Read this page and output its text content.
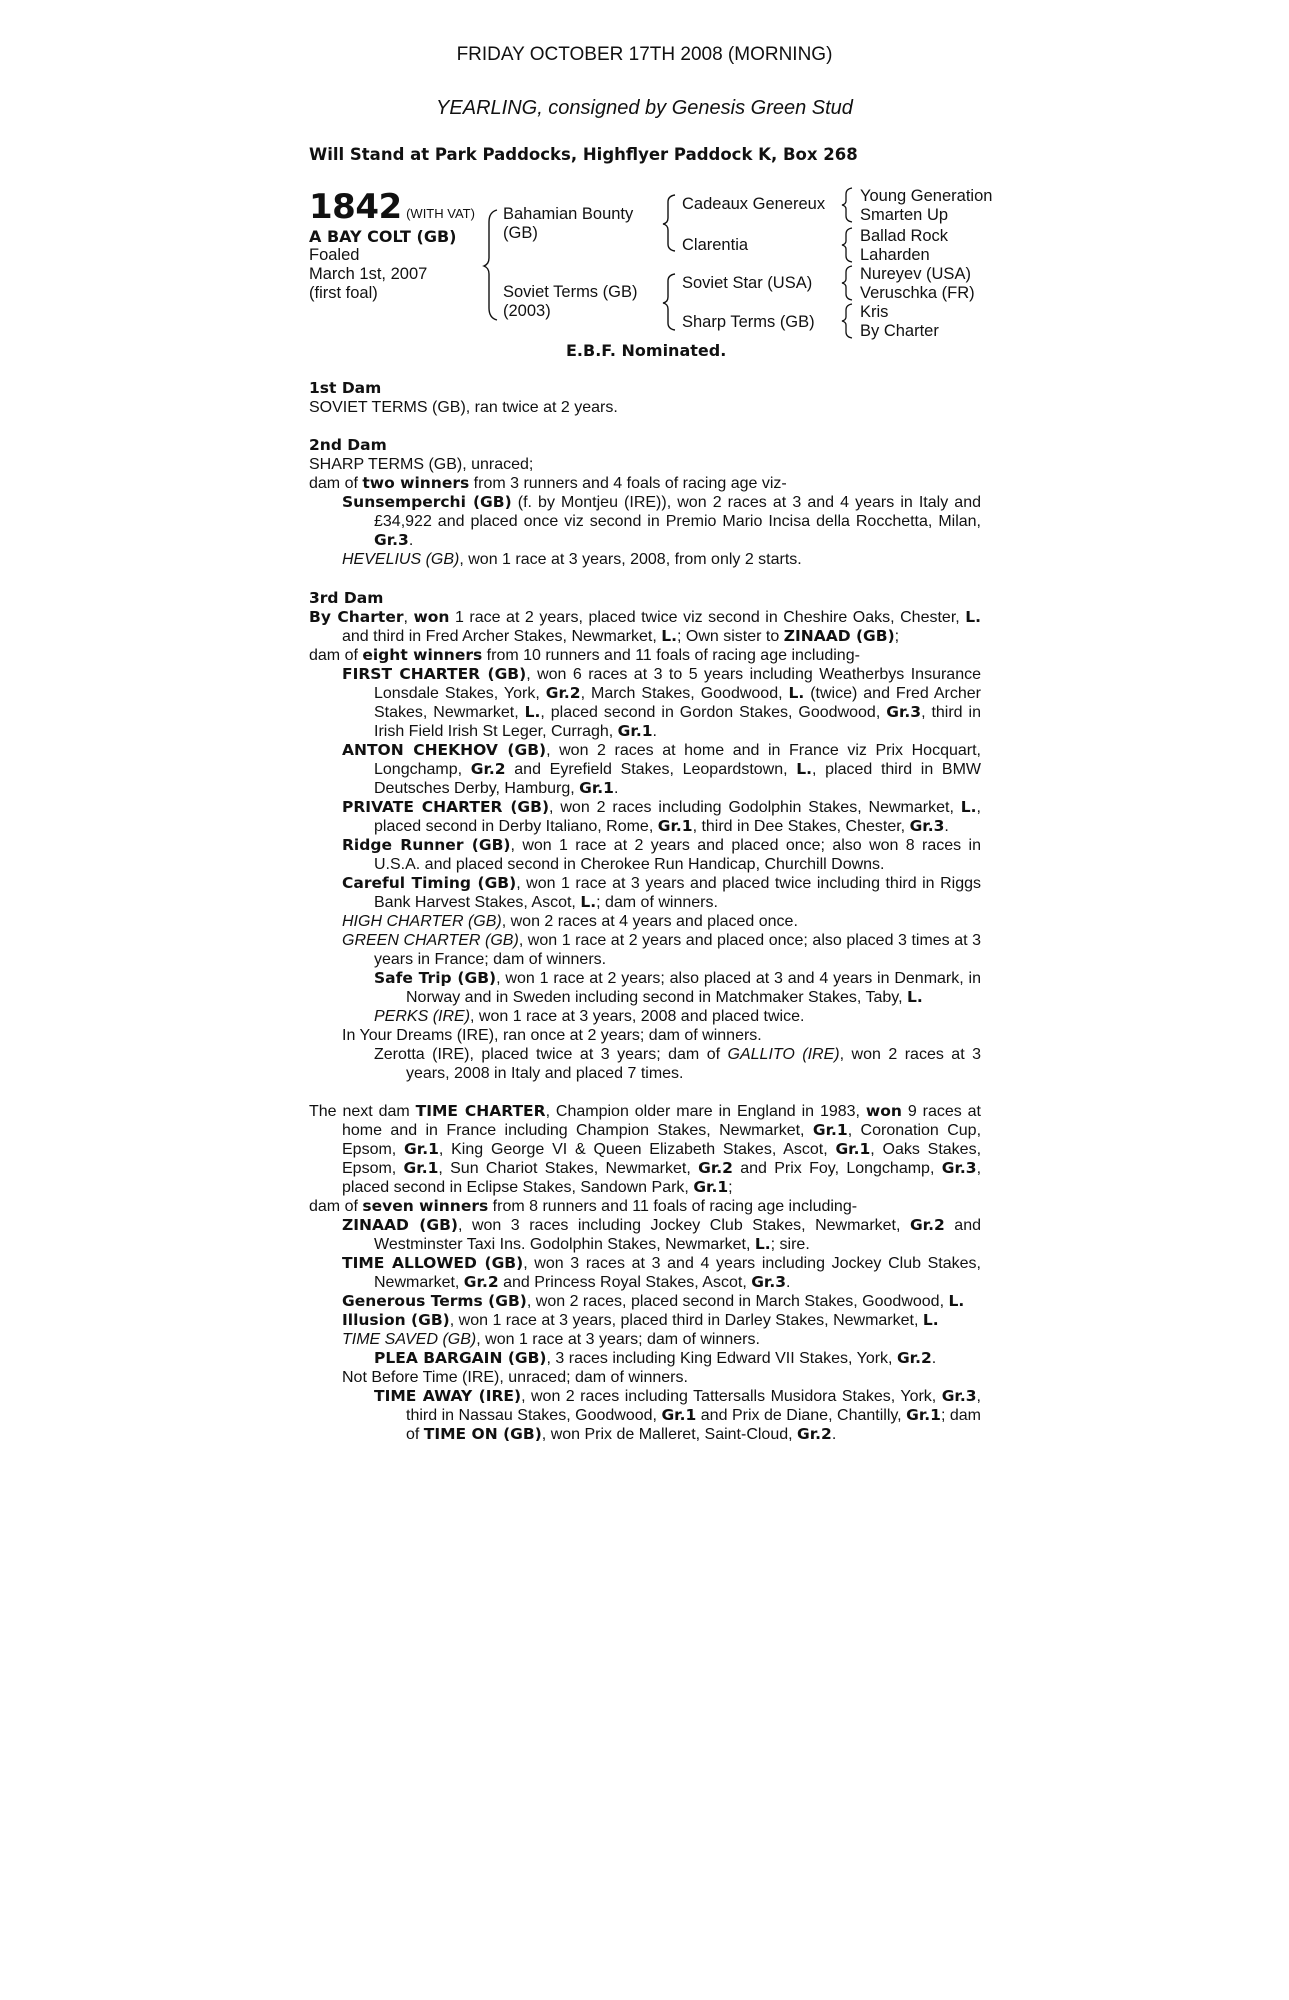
FRIDAY OCTOBER 17TH 2008 (MORNING)
YEARLING, consigned by Genesis Green Stud
Will Stand at Park Paddocks, Highflyer Paddock K, Box 268
1842 (WITH VAT)
A BAY COLT (GB)
Foaled
March 1st, 2007
(first foal)
Bahamian Bounty
(GB)
Soviet Terms (GB)
(2003)
Cadeaux Genereux
Clarentia
Soviet Star (USA)
Sharp Terms (GB)
Young Generation
Smarten Up
Ballad Rock
Laharden
Nureyev (USA)
Veruschka (FR)
Kris
By Charter
E.B.F. Nominated.

1st Dam

SOVIET TERMS (GB), ran twice at 2 years.

2nd Dam

SHARP TERMS (GB), unraced;

dam of two winners from 3 runners and 4 foals of racing age viz-

Sunsemperchi (GB) (f. by Montjeu (IRE)), won 2 races at 3 and 4 years in Italy and £34,922 and placed once viz second in Premio Mario Incisa della Rocchetta, Milan, Gr.3.

HEVELIUS (GB), won 1 race at 3 years, 2008, from only 2 starts.

3rd Dam

By Charter, won 1 race at 2 years, placed twice viz second in Cheshire Oaks, Chester, L. and third in Fred Archer Stakes, Newmarket, L.; Own sister to ZINAAD (GB);

dam of eight winners from 10 runners and 11 foals of racing age including-

FIRST CHARTER (GB), won 6 races at 3 to 5 years including Weatherbys Insurance Lonsdale Stakes, York, Gr.2, March Stakes, Goodwood, L. (twice) and Fred Archer Stakes, Newmarket, L., placed second in Gordon Stakes, Goodwood, Gr.3, third in Irish Field Irish St Leger, Curragh, Gr.1.

ANTON CHEKHOV (GB), won 2 races at home and in France viz Prix Hocquart, Longchamp, Gr.2 and Eyrefield Stakes, Leopardstown, L., placed third in BMW Deutsches Derby, Hamburg, Gr.1.

PRIVATE CHARTER (GB), won 2 races including Godolphin Stakes, Newmarket, L., placed second in Derby Italiano, Rome, Gr.1, third in Dee Stakes, Chester, Gr.3.

Ridge Runner (GB), won 1 race at 2 years and placed once; also won 8 races in U.S.A. and placed second in Cherokee Run Handicap, Churchill Downs.

Careful Timing (GB), won 1 race at 3 years and placed twice including third in Riggs Bank Harvest Stakes, Ascot, L.; dam of winners.

HIGH CHARTER (GB), won 2 races at 4 years and placed once.

GREEN CHARTER (GB), won 1 race at 2 years and placed once; also placed 3 times at 3 years in France; dam of winners.

Safe Trip (GB), won 1 race at 2 years; also placed at 3 and 4 years in Denmark, in Norway and in Sweden including second in Matchmaker Stakes, Taby, L.

PERKS (IRE), won 1 race at 3 years, 2008 and placed twice.

In Your Dreams (IRE), ran once at 2 years; dam of winners.

Zerotta (IRE), placed twice at 3 years; dam of GALLITO (IRE), won 2 races at 3 years, 2008 in Italy and placed 7 times.

The next dam TIME CHARTER, Champion older mare in England in 1983, won 9 races at home and in France including Champion Stakes, Newmarket, Gr.1, Coronation Cup, Epsom, Gr.1, King George VI & Queen Elizabeth Stakes, Ascot, Gr.1, Oaks Stakes, Epsom, Gr.1, Sun Chariot Stakes, Newmarket, Gr.2 and Prix Foy, Longchamp, Gr.3, placed second in Eclipse Stakes, Sandown Park, Gr.1;

dam of seven winners from 8 runners and 11 foals of racing age including-

ZINAAD (GB), won 3 races including Jockey Club Stakes, Newmarket, Gr.2 and Westminster Taxi Ins. Godolphin Stakes, Newmarket, L.; sire.

TIME ALLOWED (GB), won 3 races at 3 and 4 years including Jockey Club Stakes, Newmarket, Gr.2 and Princess Royal Stakes, Ascot, Gr.3.

Generous Terms (GB), won 2 races, placed second in March Stakes, Goodwood, L.

Illusion (GB), won 1 race at 3 years, placed third in Darley Stakes, Newmarket, L.

TIME SAVED (GB), won 1 race at 3 years; dam of winners.

PLEA BARGAIN (GB), 3 races including King Edward VII Stakes, York, Gr.2.

Not Before Time (IRE), unraced; dam of winners.

TIME AWAY (IRE), won 2 races including Tattersalls Musidora Stakes, York, Gr.3, third in Nassau Stakes, Goodwood, Gr.1 and Prix de Diane, Chantilly, Gr.1; dam of TIME ON (GB), won Prix de Malleret, Saint-Cloud, Gr.2.
